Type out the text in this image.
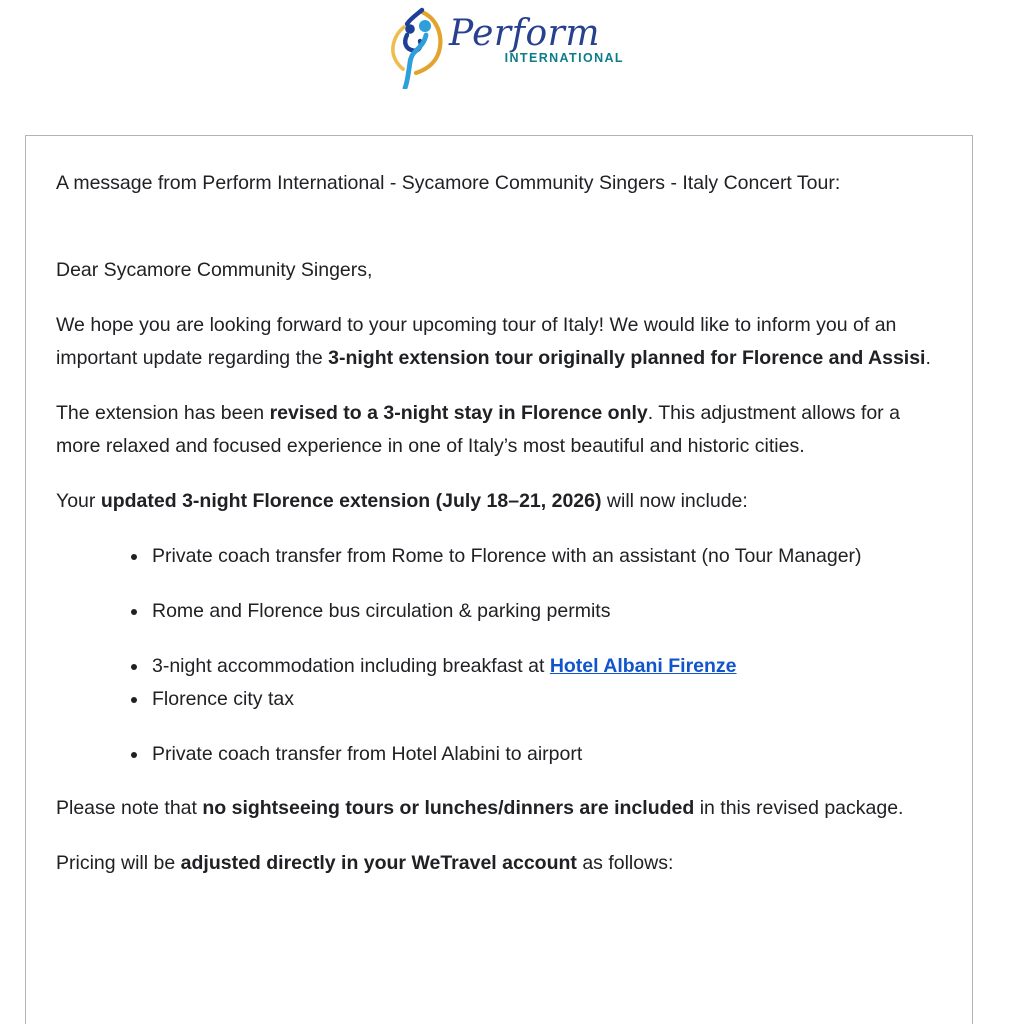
Perform
INTERNATIONAL

A message from Perform International - Sycamore Community Singers - Italy Concert Tour:

Dear Sycamore Community Singers,

We hope you are looking forward to your upcoming tour of Italy! We would like to inform you of an important update regarding the 3-night extension tour originally planned for Florence and Assisi.

The extension has been revised to a 3-night stay in Florence only. This adjustment allows for a more relaxed and focused experience in one of Italy’s most beautiful and historic cities.

Your updated 3-night Florence extension (July 18–21, 2026) will now include:

• Private coach transfer from Rome to Florence with an assistant (no Tour Manager)
• Rome and Florence bus circulation & parking permits
• 3-night accommodation including breakfast at Hotel Albani Firenze
• Florence city tax
• Private coach transfer from Hotel Alabini to airport

Please note that no sightseeing tours or lunches/dinners are included in this revised package.

Pricing will be adjusted directly in your WeTravel account as follows:
